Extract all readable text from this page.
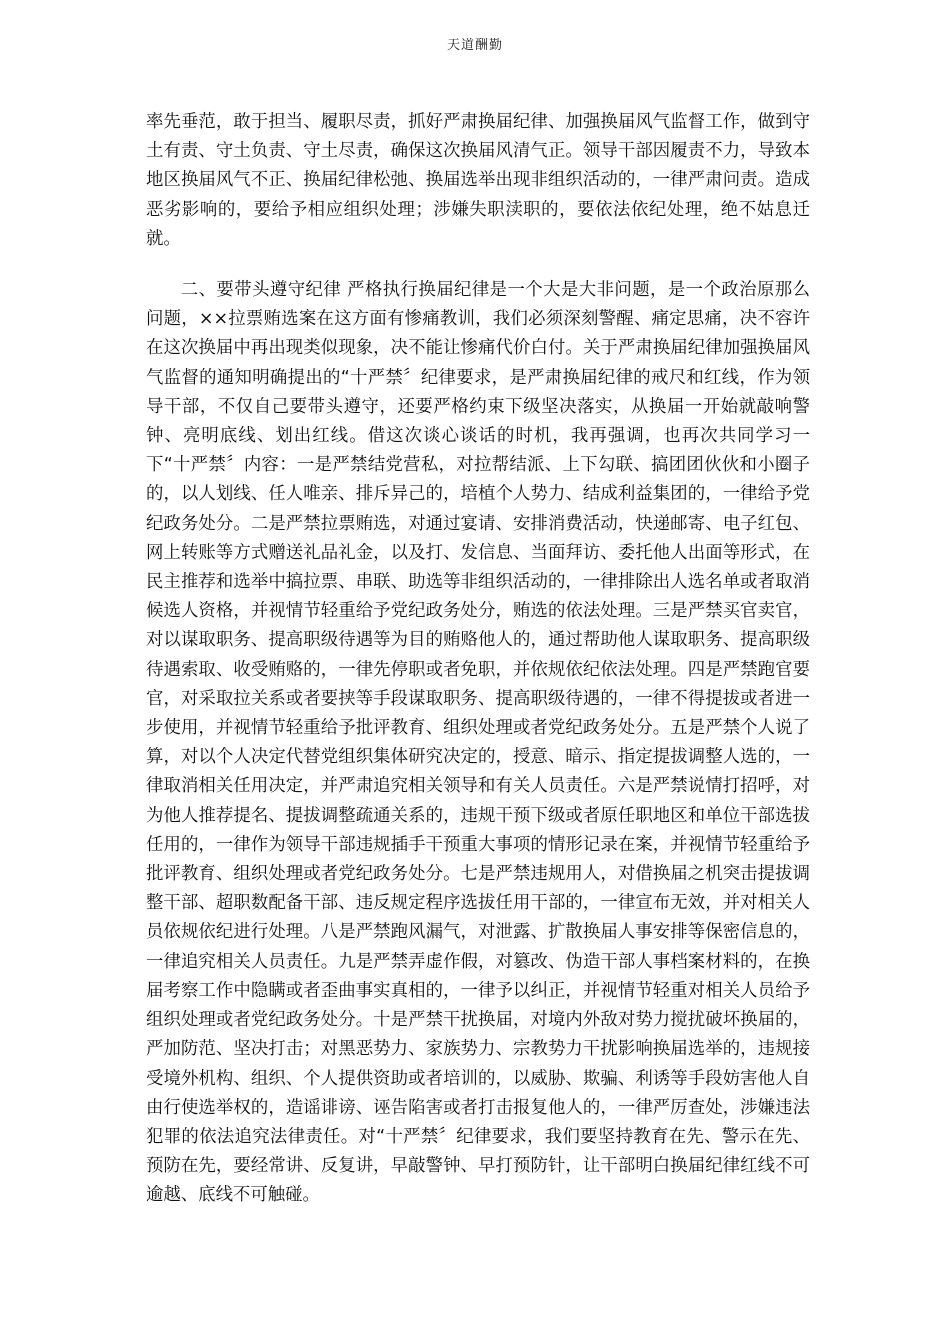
天道酬勤

率先垂范，敢于担当、履职尽责，抓好严肃换届纪律、加强换届风气监督工作，做到守土有责、守土负责、守土尽责，确保这次换届风清气正。领导干部因履责不力，导致本地区换届风气不正、换届纪律松弛、换届选举出现非组织活动的，一律严肃问责。造成恶劣影响的，要给予相应组织处理；涉嫌失职渎职的，要依法依纪处理，绝不姑息迁就。

二、要带头遵守纪律 严格执行换届纪律是一个大是大非问题，是一个政治原那么问题，××拉票贿选案在这方面有惨痛教训，我们必须深刻警醒、痛定思痛，决不容许在这次换届中再出现类似现象，决不能让惨痛代价白付。关于严肃换届纪律加强换届风气监督的通知明确提出的“十严禁〞纪律要求，是严肃换届纪律的戒尺和红线，作为领导干部，不仅自己要带头遵守，还要严格约束下级坚决落实，从换届一开始就敲响警钟、亮明底线、划出红线。借这次谈心谈话的时机，我再强调，也再次共同学习一下“十严禁〞内容：一是严禁结党营私，对拉帮结派、上下勾联、搞团团伙伙和小圈子的，以人划线、任人唯亲、排斥异己的，培植个人势力、结成利益集团的，一律给予党纪政务处分。二是严禁拉票贿选，对通过宴请、安排消费活动，快递邮寄、电子红包、网上转账等方式赠送礼品礼金，以及打、发信息、当面拜访、委托他人出面等形式，在民主推荐和选举中搞拉票、串联、助选等非组织活动的，一律排除出人选名单或者取消候选人资格，并视情节轻重给予党纪政务处分，贿选的依法处理。三是严禁买官卖官，对以谋取职务、提高职级待遇等为目的贿赂他人的，通过帮助他人谋取职务、提高职级待遇索取、收受贿赂的，一律先停职或者免职，并依规依纪依法处理。四是严禁跑官要官，对采取拉关系或者要挟等手段谋取职务、提高职级待遇的，一律不得提拔或者进一步使用，并视情节轻重给予批评教育、组织处理或者党纪政务处分。五是严禁个人说了算，对以个人决定代替党组织集体研究决定的，授意、暗示、指定提拔调整人选的，一律取消相关任用决定，并严肃追究相关领导和有关人员责任。六是严禁说情打招呼，对为他人推荐提名、提拔调整疏通关系的，违规干预下级或者原任职地区和单位干部选拔任用的，一律作为领导干部违规插手干预重大事项的情形记录在案，并视情节轻重给予批评教育、组织处理或者党纪政务处分。七是严禁违规用人，对借换届之机突击提拔调整干部、超职数配备干部、违反规定程序选拔任用干部的，一律宣布无效，并对相关人员依规依纪进行处理。八是严禁跑风漏气，对泄露、扩散换届人事安排等保密信息的，一律追究相关人员责任。九是严禁弄虚作假，对篡改、伪造干部人事档案材料的，在换届考察工作中隐瞒或者歪曲事实真相的，一律予以纠正，并视情节轻重对相关人员给予组织处理或者党纪政务处分。十是严禁干扰换届，对境内外敌对势力搅扰破坏换届的，严加防范、坚决打击；对黑恶势力、家族势力、宗教势力干扰影响换届选举的，违规接受境外机构、组织、个人提供资助或者培训的，以威胁、欺骗、利诱等手段妨害他人自由行使选举权的，造谣诽谤、诬告陷害或者打击报复他人的，一律严厉查处，涉嫌违法犯罪的依法追究法律责任。对“十严禁〞纪律要求，我们要坚持教育在先、警示在先、预防在先，要经常讲、反复讲，早敲警钟、早打预防针，让干部明白换届纪律红线不可逾越、底线不可触碰。
